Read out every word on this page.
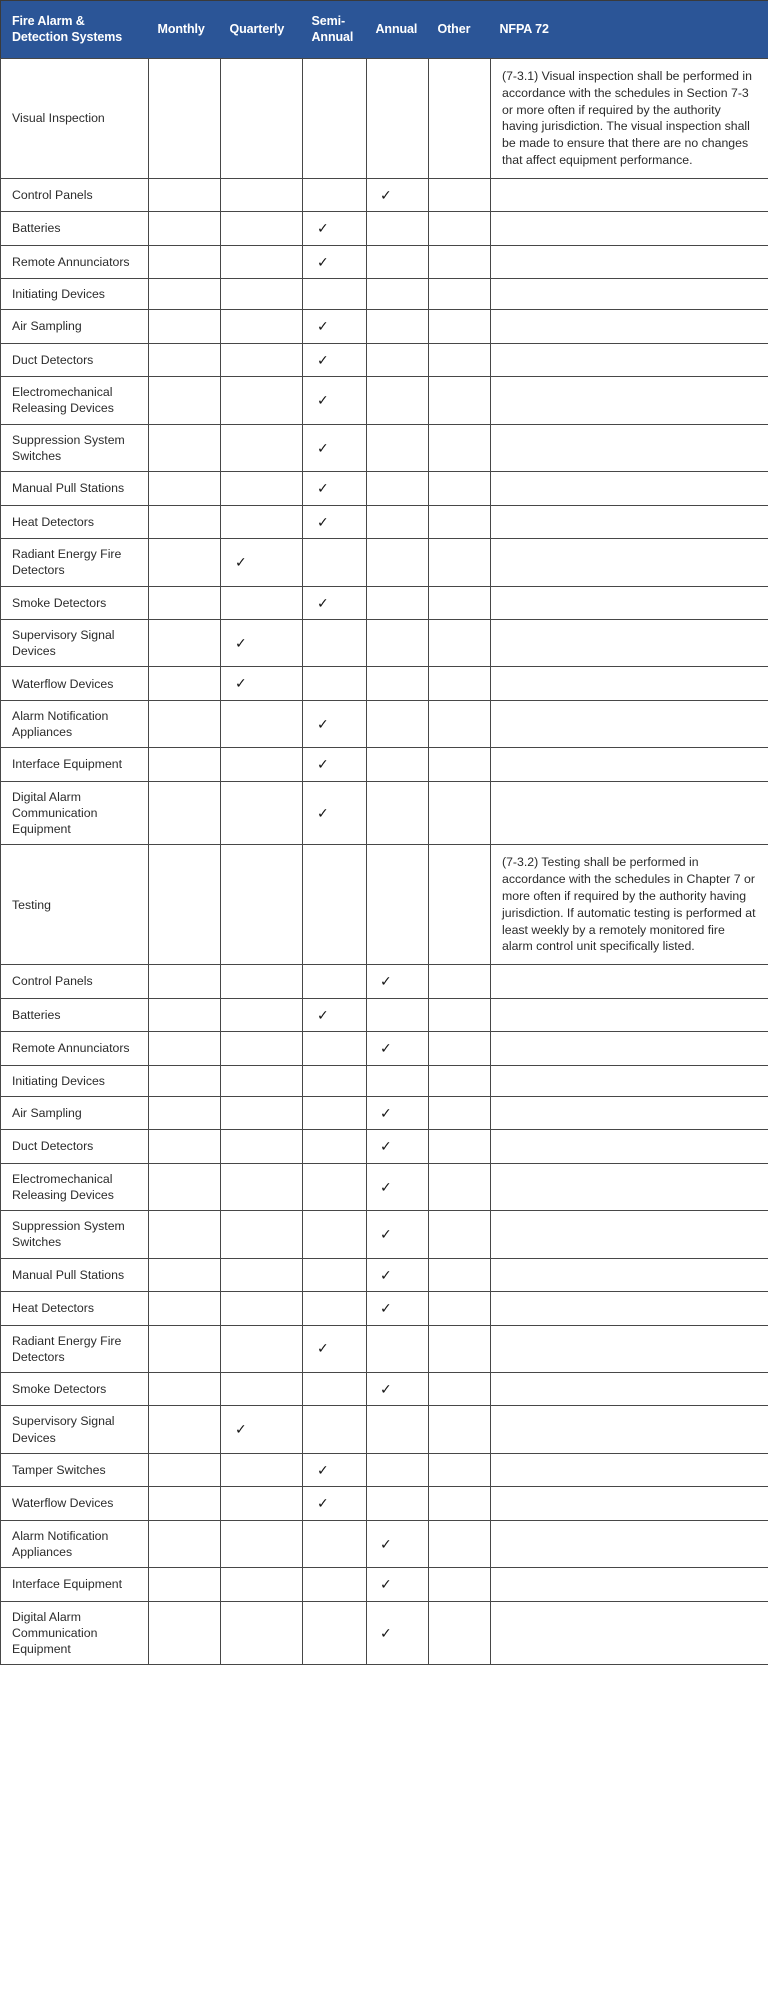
Fire Alarm & Detection Systems	Monthly	Quarterly	Semi-Annual	Annual	Other	NFPA 72
Visual Inspection						(7-3.1) Visual inspection shall be performed in accordance with the schedules in Section 7-3 or more often if required by the authority having jurisdiction. The visual inspection shall be made to ensure that there are no changes that affect equipment performance.
Control Panels				✓		
Batteries			✓			
Remote Annunciators			✓			
Initiating Devices						
Air Sampling			✓			
Duct Detectors			✓			
Electromechanical Releasing Devices			✓			
Suppression System Switches			✓			
Manual Pull Stations			✓			
Heat Detectors			✓			
Radiant Energy Fire Detectors		✓				
Smoke Detectors			✓			
Supervisory Signal Devices		✓				
Waterflow Devices		✓				
Alarm Notification Appliances			✓			
Interface Equipment			✓			
Digital Alarm Communication Equipment			✓			
Testing						(7-3.2) Testing shall be performed in accordance with the schedules in Chapter 7 or more often if required by the authority having jurisdiction. If automatic testing is performed at least weekly by a remotely monitored fire alarm control unit specifically listed.
Control Panels				✓		
Batteries			✓			
Remote Annunciators				✓		
Initiating Devices						
Air Sampling				✓		
Duct Detectors				✓		
Electromechanical Releasing Devices				✓		
Suppression System Switches				✓		
Manual Pull Stations				✓		
Heat Detectors				✓		
Radiant Energy Fire Detectors			✓			
Smoke Detectors				✓		
Supervisory Signal Devices		✓				
Tamper Switches			✓			
Waterflow Devices			✓			
Alarm Notification Appliances				✓		
Interface Equipment				✓		
Digital Alarm Communication Equipment				✓		
